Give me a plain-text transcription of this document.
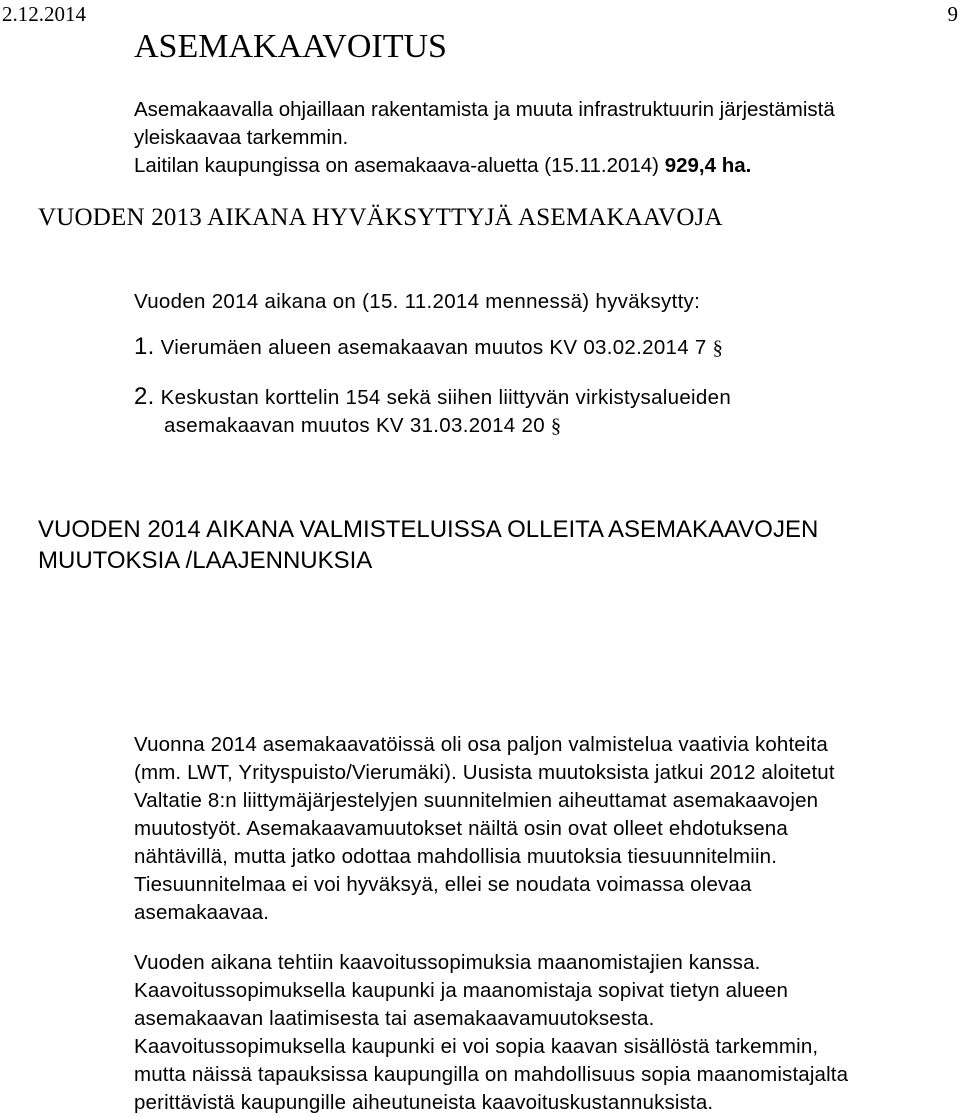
2.12.2014	9
ASEMAKAAVOITUS
Asemakaavalla ohjaillaan rakentamista ja muuta infrastruktuurin järjestämistä
yleiskaavaa tarkemmin.
Laitilan kaupungissa on asemakaava-aluetta (15.11.2014) 929,4 ha.
VUODEN 2013 AIKANA HYVÄKSYTTYJÄ ASEMAKAAVOJA
Vuoden 2014 aikana on (15. 11.2014 mennessä) hyväksytty:
1. Vierumäen alueen asemakaavan muutos KV 03.02.2014 7 §
2. Keskustan korttelin 154 sekä siihen liittyvän virkistysalueiden
asemakaavan muutos KV 31.03.2014 20 §
VUODEN 2014 AIKANA VALMISTELUISSA OLLEITA ASEMAKAAVOJEN
MUUTOKSIA /LAAJENNUKSIA
Vuonna 2014 asemakaavatöissä oli osa paljon valmistelua vaativia kohteita
(mm. LWT, Yrityspuisto/Vierumäki). Uusista muutoksista jatkui 2012 aloitetut
Valtatie 8:n liittymäjärjestelyjen suunnitelmien aiheuttamat asemakaavojen
muutostyöt. Asemakaavamuutokset näiltä osin ovat olleet ehdotuksena
nähtävillä, mutta jatko odottaa mahdollisia muutoksia tiesuunnitelmiin.
Tiesuunnitelmaa ei voi hyväksyä, ellei se noudata voimassa olevaa
asemakaavaa.
Vuoden aikana tehtiin kaavoitussopimuksia maanomistajien kanssa.
Kaavoitussopimuksella kaupunki ja maanomistaja sopivat tietyn alueen
asemakaavan laatimisesta tai asemakaavamuutoksesta.
Kaavoitussopimuksella kaupunki ei voi sopia kaavan sisällöstä tarkemmin,
mutta näissä tapauksissa kaupungilla on mahdollisuus sopia maanomistajalta
perittävistä kaupungille aiheutuneista kaavoituskustannuksista.
